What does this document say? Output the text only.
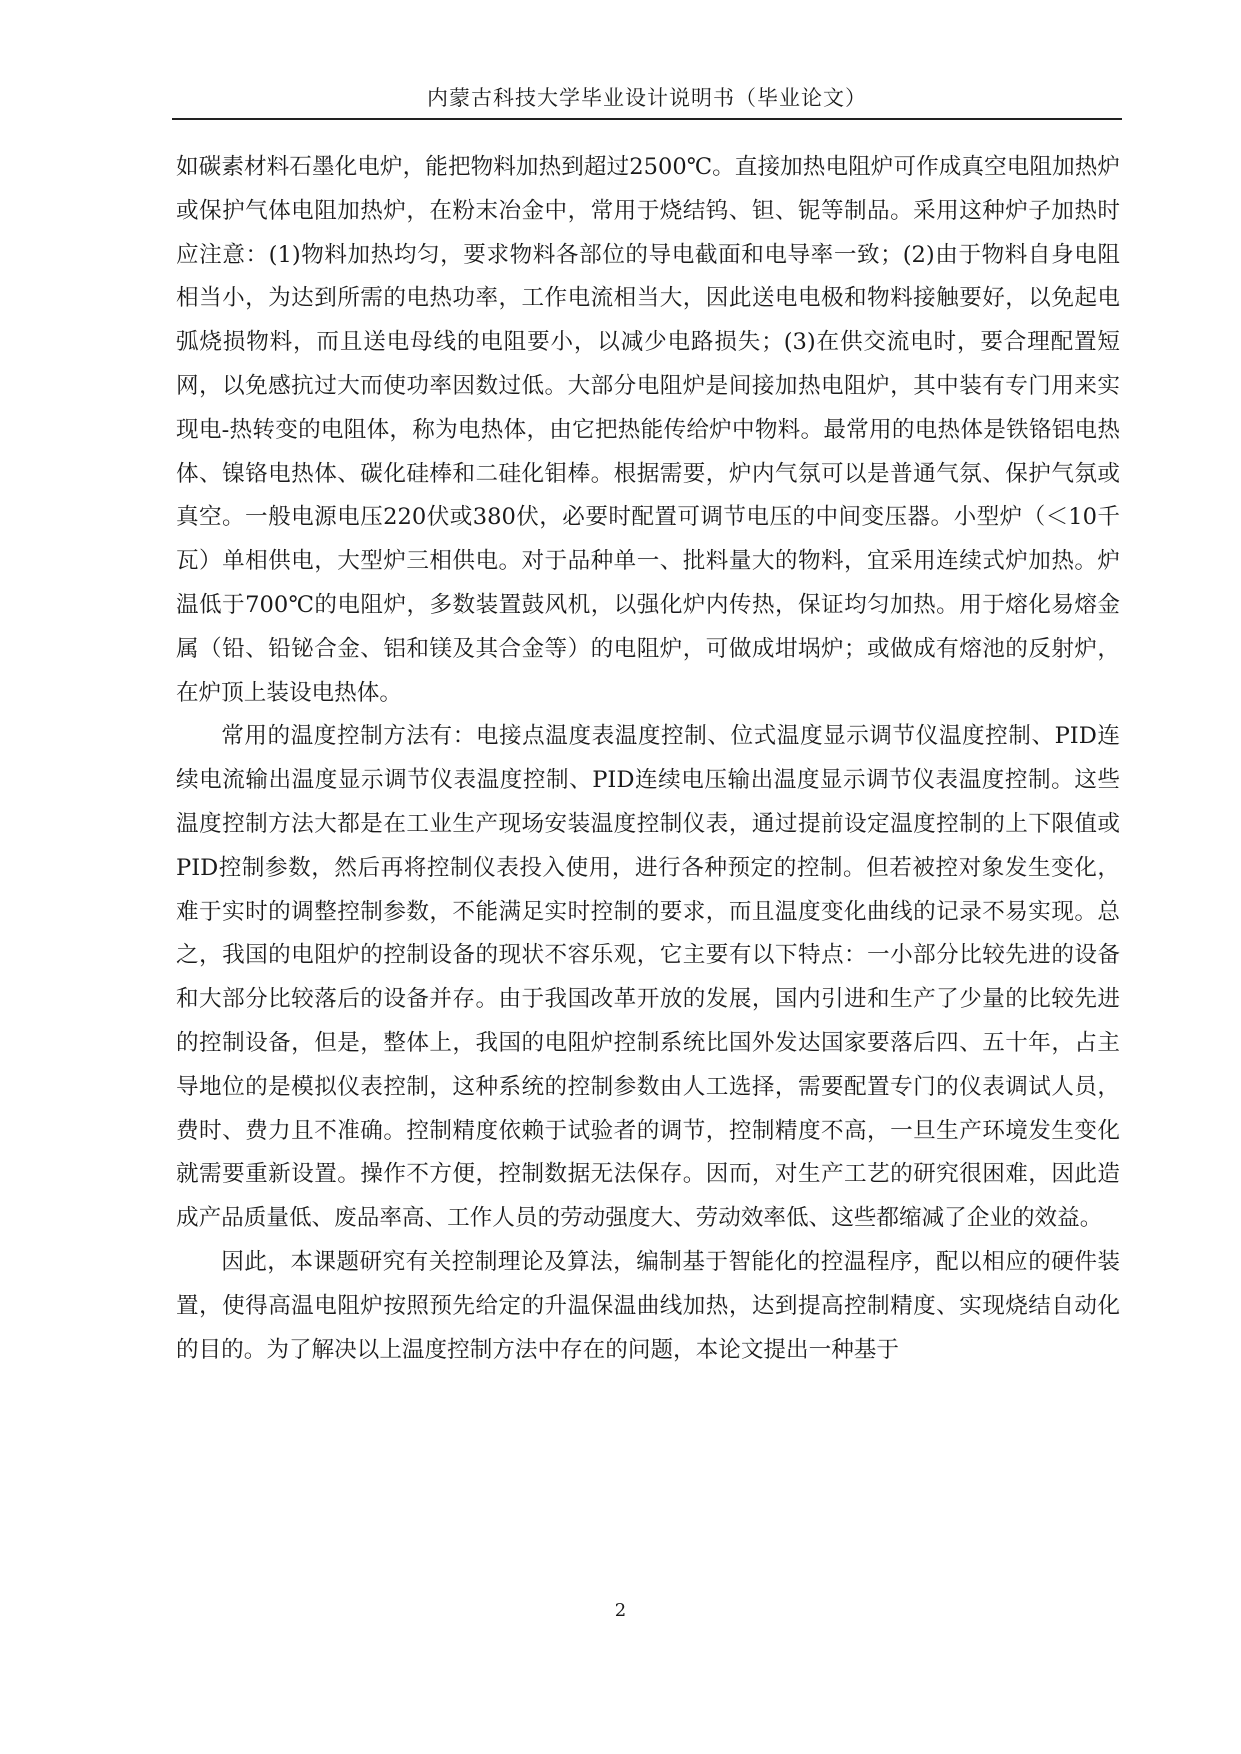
内蒙古科技大学毕业设计说明书（毕业论文）

如碳素材料石墨化电炉，能把物料加热到超过2500℃。直接加热电阻炉可作成真空电阻加热炉或保护气体电阻加热炉，在粉末冶金中，常用于烧结钨、钽、铌等制品。采用这种炉子加热时应注意：(1)物料加热均匀，要求物料各部位的导电截面和电导率一致；(2)由于物料自身电阻相当小，为达到所需的电热功率，工作电流相当大，因此送电电极和物料接触要好，以免起电弧烧损物料，而且送电母线的电阻要小，以减少电路损失；(3)在供交流电时，要合理配置短网，以免感抗过大而使功率因数过低。大部分电阻炉是间接加热电阻炉，其中装有专门用来实现电-热转变的电阻体，称为电热体，由它把热能传给炉中物料。最常用的电热体是铁铬铝电热体、镍铬电热体、碳化硅棒和二硅化钼棒。根据需要，炉内气氛可以是普通气氛、保护气氛或真空。一般电源电压220伏或380伏，必要时配置可调节电压的中间变压器。小型炉（＜10千瓦）单相供电，大型炉三相供电。对于品种单一、批料量大的物料，宜采用连续式炉加热。炉温低于700℃的电阻炉，多数装置鼓风机，以强化炉内传热，保证均匀加热。用于熔化易熔金属（铅、铅铋合金、铝和镁及其合金等）的电阻炉，可做成坩埚炉；或做成有熔池的反射炉，在炉顶上装设电热体。

常用的温度控制方法有：电接点温度表温度控制、位式温度显示调节仪温度控制、PID连续电流输出温度显示调节仪表温度控制、PID连续电压输出温度显示调节仪表温度控制。这些温度控制方法大都是在工业生产现场安装温度控制仪表，通过提前设定温度控制的上下限值或PID控制参数，然后再将控制仪表投入使用，进行各种预定的控制。但若被控对象发生变化，难于实时的调整控制参数，不能满足实时控制的要求，而且温度变化曲线的记录不易实现。总之，我国的电阻炉的控制设备的现状不容乐观，它主要有以下特点：一小部分比较先进的设备和大部分比较落后的设备并存。由于我国改革开放的发展，国内引进和生产了少量的比较先进的控制设备，但是，整体上，我国的电阻炉控制系统比国外发达国家要落后四、五十年，占主导地位的是模拟仪表控制，这种系统的控制参数由人工选择，需要配置专门的仪表调试人员，费时、费力且不准确。控制精度依赖于试验者的调节，控制精度不高，一旦生产环境发生变化就需要重新设置。操作不方便，控制数据无法保存。因而，对生产工艺的研究很困难，因此造成产品质量低、废品率高、工作人员的劳动强度大、劳动效率低、这些都缩减了企业的效益。

因此，本课题研究有关控制理论及算法，编制基于智能化的控温程序，配以相应的硬件装置，使得高温电阻炉按照预先给定的升温保温曲线加热，达到提高控制精度、实现烧结自动化的目的。为了解决以上温度控制方法中存在的问题，本论文提出一种基于

2
